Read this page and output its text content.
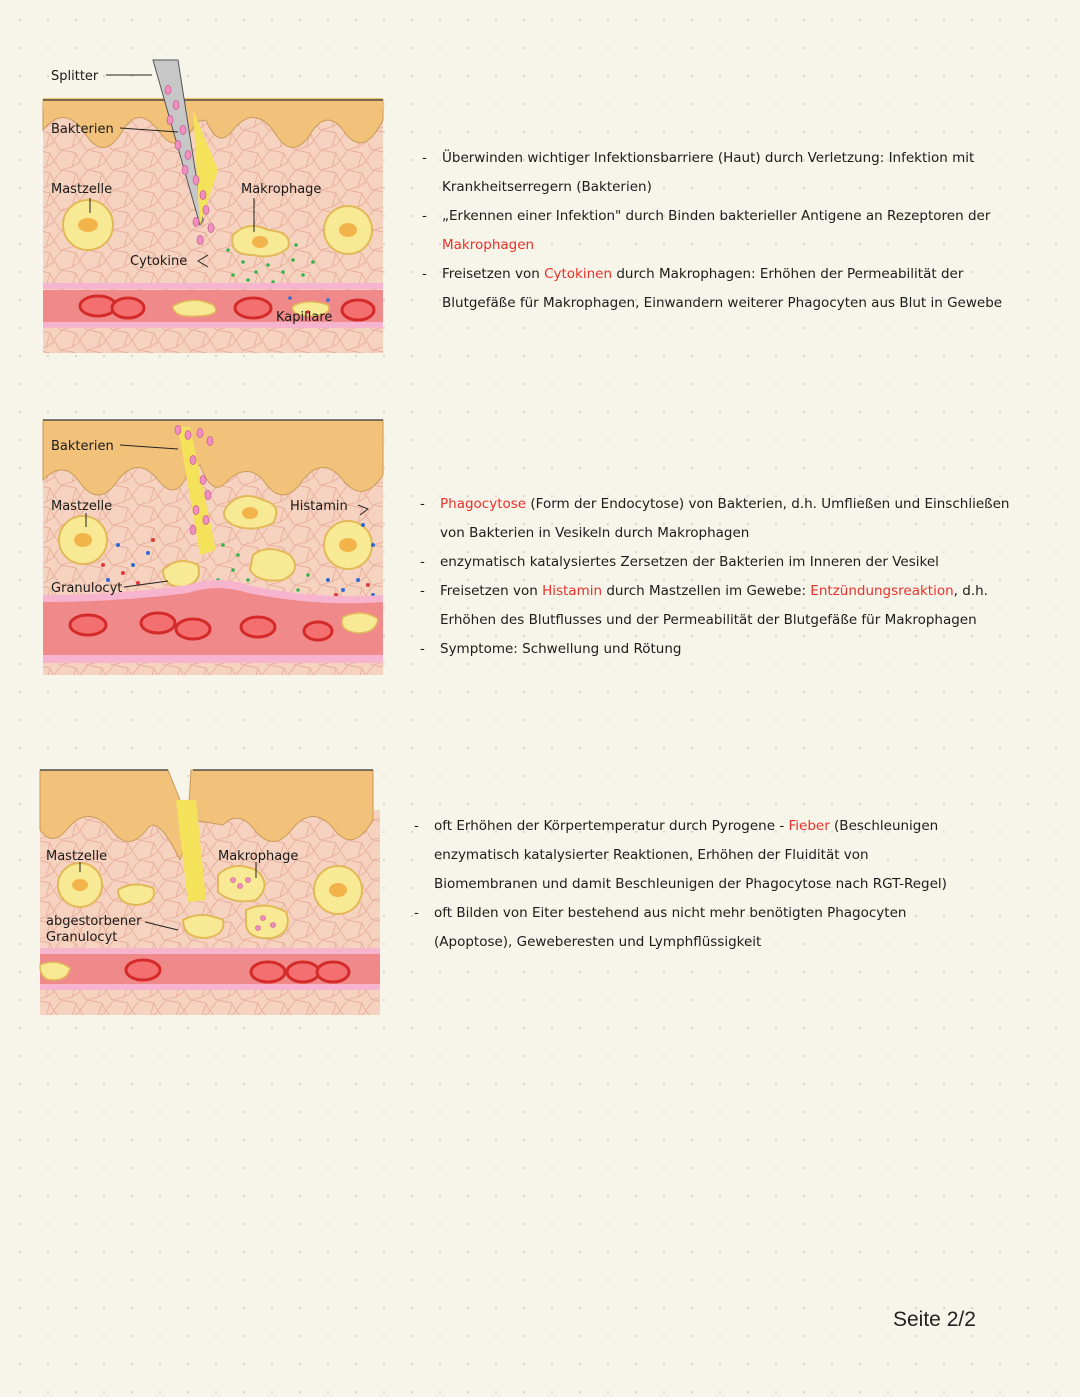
Splitter
Bakterien
Mastzelle	Makrophage
Cytokine
Kapillare
- Überwinden wichtiger Infektionsbarriere (Haut) durch Verletzung: Infektion mit Krankheitserregern (Bakterien)
- „Erkennen einer Infektion" durch Binden bakterieller Antigene an Rezeptoren der Makrophagen
- Freisetzen von Cytokinen durch Makrophagen: Erhöhen der Permeabilität der Blutgefäße für Makrophagen, Einwandern weiterer Phagocyten aus Blut in Gewebe
Bakterien
Mastzelle	Histamin
Granulocyt
- Phagocytose (Form der Endocytose) von Bakterien, d.h. Umfließen und Einschließen von Bakterien in Vesikeln durch Makrophagen
- enzymatisch katalysiertes Zersetzen der Bakterien im Inneren der Vesikel
- Freisetzen von Histamin durch Mastzellen im Gewebe: Entzündungsreaktion, d.h. Erhöhen des Blutflusses und der Permeabilität der Blutgefäße für Makrophagen
- Symptome: Schwellung und Rötung
Mastzelle	Makrophage
abgestorbener
Granulocyt
- oft Erhöhen der Körpertemperatur durch Pyrogene - Fieber (Beschleunigen enzymatisch katalysierter Reaktionen, Erhöhen der Fluidität von Biomembranen und damit Beschleunigen der Phagocytose nach RGT-Regel)
- oft Bilden von Eiter bestehend aus nicht mehr benötigten Phagocyten (Apoptose), Geweberesten und Lymphflüssigkeit
Seite 2/2
